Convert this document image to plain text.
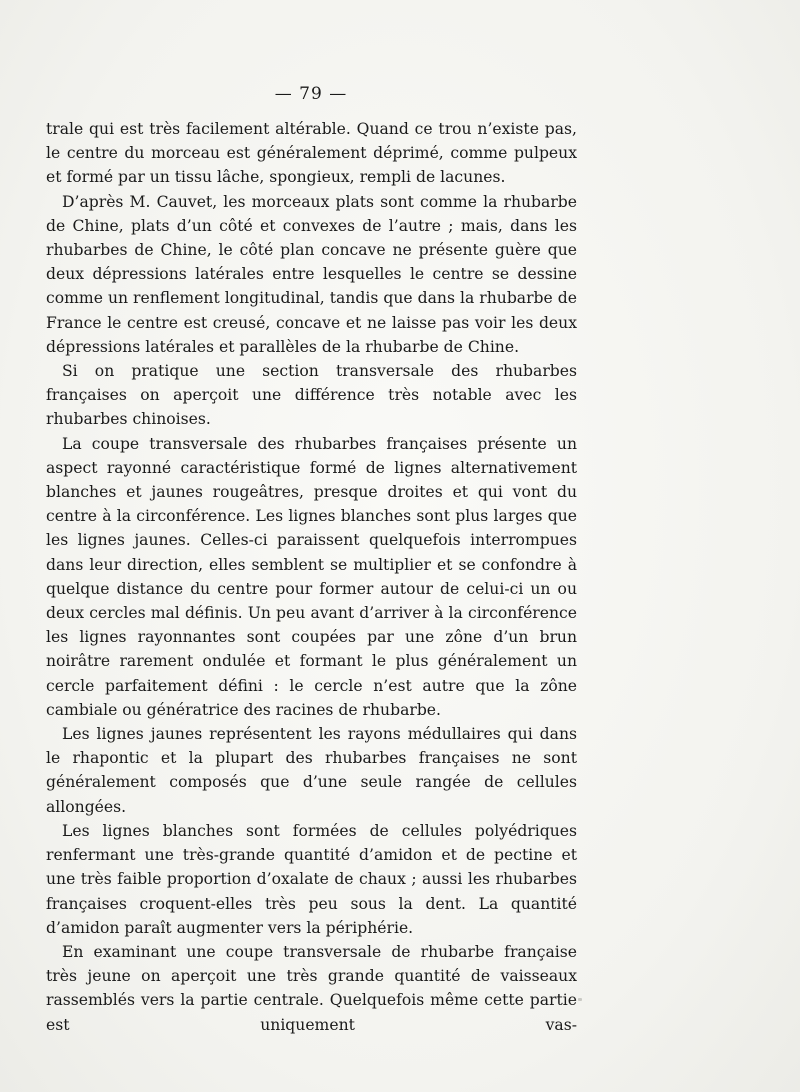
— 79 —

trale qui est très facilement altérable. Quand ce trou n’existe pas, le centre du morceau est généralement déprimé, comme pulpeux et formé par un tissu lâche, spongieux, rempli de lacunes.

D’après M. Cauvet, les morceaux plats sont comme la rhubarbe de Chine, plats d’un côté et convexes de l’autre ; mais, dans les rhubarbes de Chine, le côté plan concave ne présente guère que deux dépressions latérales entre lesquelles le centre se dessine comme un renflement longitudinal, tandis que dans la rhubarbe de France le centre est creusé, concave et ne laisse pas voir les deux dépressions latérales et parallèles de la rhubarbe de Chine.

Si on pratique une section transversale des rhubarbes françaises on aperçoit une différence très notable avec les rhubarbes chinoises.

La coupe transversale des rhubarbes françaises présente un aspect rayonné caractéristique formé de lignes alternativement blanches et jaunes rougeâtres, presque droites et qui vont du centre à la circonférence. Les lignes blanches sont plus larges que les lignes jaunes. Celles-ci paraissent quelquefois interrompues dans leur direction, elles semblent se multiplier et se confondre à quelque distance du centre pour former autour de celui-ci un ou deux cercles mal définis. Un peu avant d’arriver à la circonférence les lignes rayonnantes sont coupées par une zône d’un brun noirâtre rarement ondulée et formant le plus généralement un cercle parfaitement défini : le cercle n’est autre que la zône cambiale ou génératrice des racines de rhubarbe.

Les lignes jaunes représentent les rayons médullaires qui dans le rhapontic et la plupart des rhubarbes françaises ne sont généralement composés que d’une seule rangée de cellules allongées.

Les lignes blanches sont formées de cellules polyédriques renfermant une très-grande quantité d’amidon et de pectine et une très faible proportion d’oxalate de chaux ; aussi les rhubarbes françaises croquent-elles très peu sous la dent. La quantité d’amidon paraît augmenter vers la périphérie.

En examinant une coupe transversale de rhubarbe française très jeune on aperçoit une très grande quantité de vaisseaux rassemblés vers la partie centrale. Quelquefois même cette partie est uniquement vas-
